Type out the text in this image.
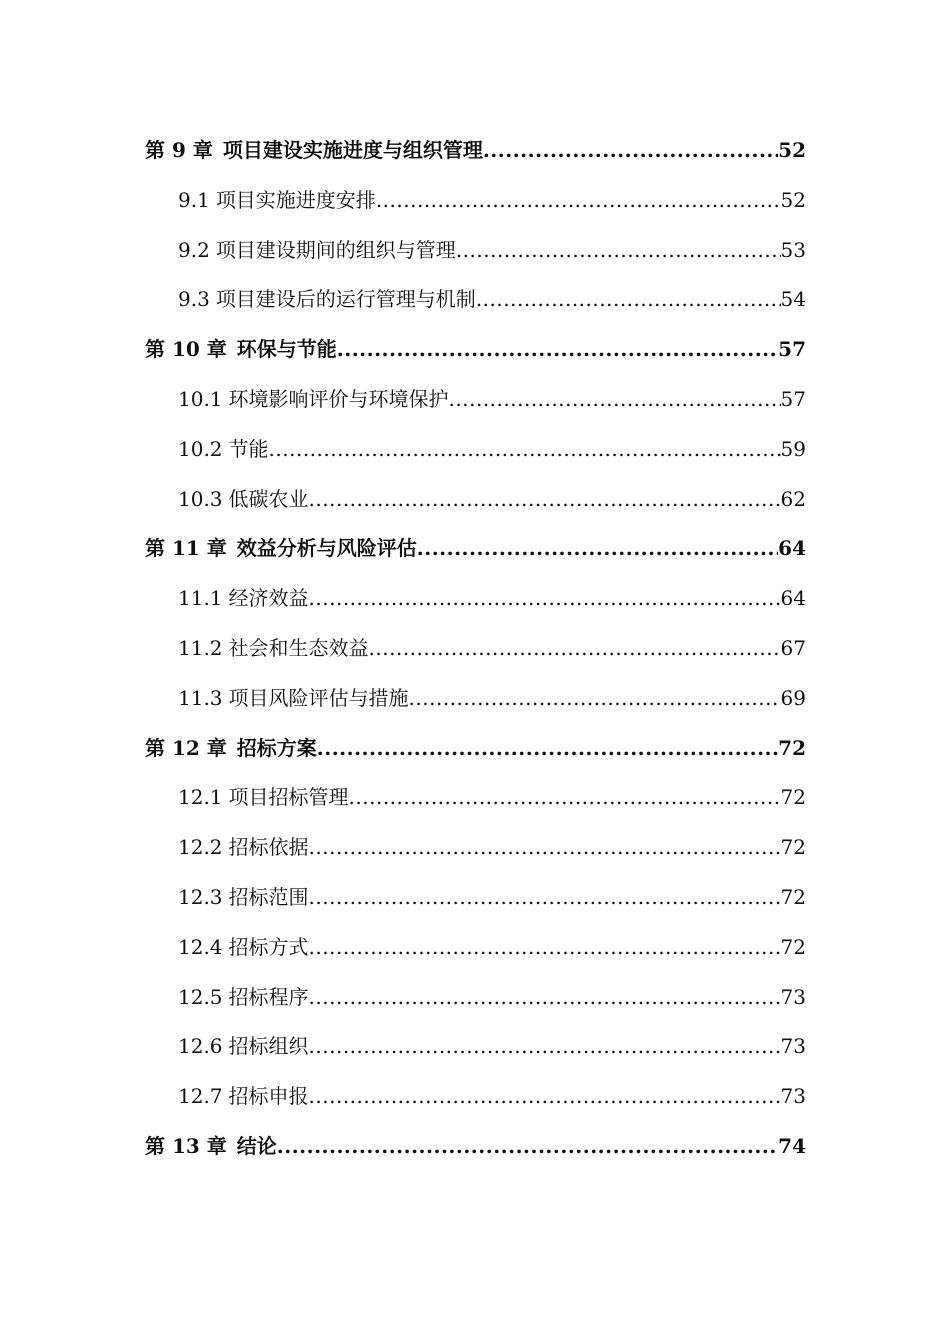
第 9 章 项目建设实施进度与组织管理 .....	52
9.1 项目实施进度安排 .....	52
9.2 项目建设期间的组织与管理 .....	53
9.3 项目建设后的运行管理与机制 .....	54
第 10 章 环保与节能 .....	57
10.1 环境影响评价与环境保护 .....	57
10.2 节能 .....	59
10.3 低碳农业 .....	62
第 11 章 效益分析与风险评估 .....	64
11.1 经济效益 .....	64
11.2 社会和生态效益 .....	67
11.3 项目风险评估与措施 .....	69
第 12 章 招标方案 .....	72
12.1 项目招标管理 .....	72
12.2 招标依据 .....	72
12.3 招标范围 .....	72
12.4 招标方式 .....	72
12.5 招标程序 .....	73
12.6 招标组织 .....	73
12.7 招标申报 .....	73
第 13 章 结论 .....	74
